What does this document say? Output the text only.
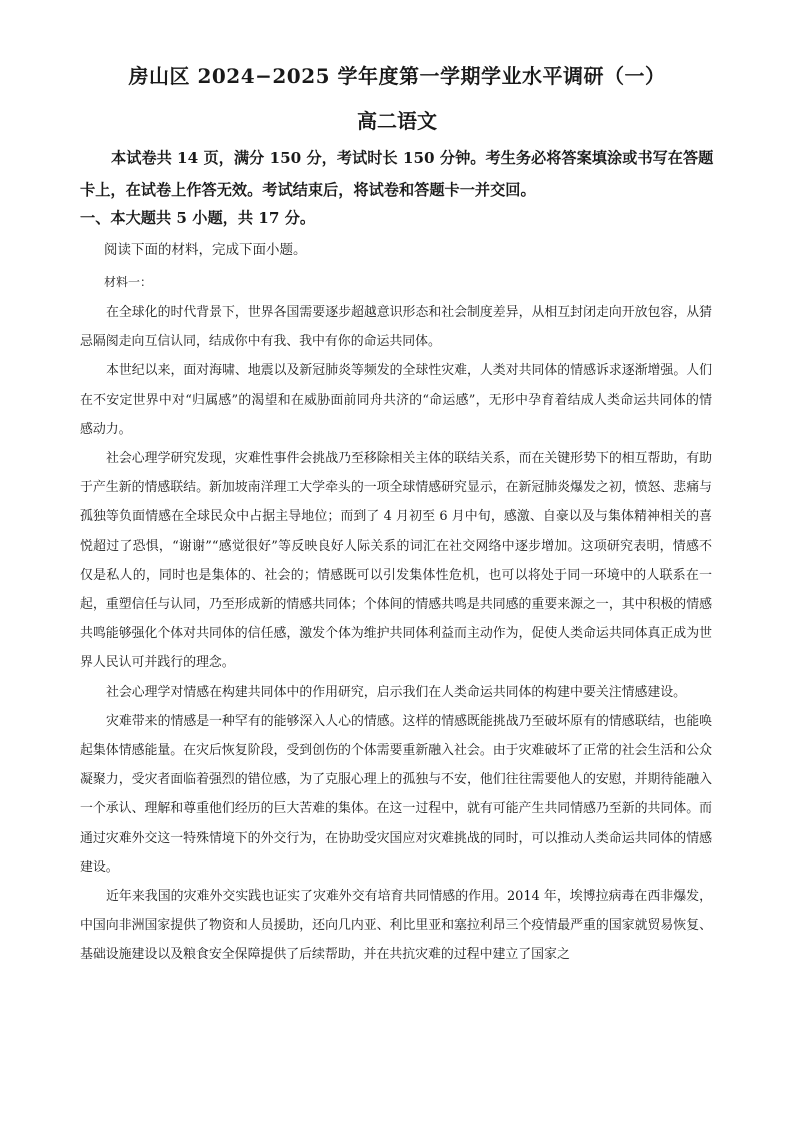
房山区 2024−2025 学年度第一学期学业水平调研（一）
高二语文
本试卷共 14 页，满分 150 分，考试时长 150 分钟。考生务必将答案填涂或书写在答题卡上，在试卷上作答无效。考试结束后，将试卷和答题卡一并交回。
一、本大题共 5 小题，共 17 分。
阅读下面的材料，完成下面小题。
材料一：

在全球化的时代背景下，世界各国需要逐步超越意识形态和社会制度差异，从相互封闭走向开放包容，从猜忌隔阂走向互信认同，结成你中有我、我中有你的命运共同体。

本世纪以来，面对海啸、地震以及新冠肺炎等频发的全球性灾难，人类对共同体的情感诉求逐渐增强。人们在不安定世界中对“归属感”的渴望和在威胁面前同舟共济的“命运感”，无形中孕育着结成人类命运共同体的情感动力。

社会心理学研究发现，灾难性事件会挑战乃至移除相关主体的联结关系，而在关键形势下的相互帮助，有助于产生新的情感联结。新加坡南洋理工大学牵头的一项全球情感研究显示，在新冠肺炎爆发之初，愤怒、悲痛与孤独等负面情感在全球民众中占据主导地位；而到了 4 月初至 6 月中旬，感激、自豪以及与集体精神相关的喜悦超过了恐惧，“谢谢”“感觉很好”等反映良好人际关系的词汇在社交网络中逐步增加。这项研究表明，情感不仅是私人的，同时也是集体的、社会的；情感既可以引发集体性危机，也可以将处于同一环境中的人联系在一起，重塑信任与认同，乃至形成新的情感共同体；个体间的情感共鸣是共同感的重要来源之一，其中积极的情感共鸣能够强化个体对共同体的信任感，激发个体为维护共同体利益而主动作为，促使人类命运共同体真正成为世界人民认可并践行的理念。

社会心理学对情感在构建共同体中的作用研究，启示我们在人类命运共同体的构建中要关注情感建设。

灾难带来的情感是一种罕有的能够深入人心的情感。这样的情感既能挑战乃至破坏原有的情感联结，也能唤起集体情感能量。在灾后恢复阶段，受到创伤的个体需要重新融入社会。由于灾难破坏了正常的社会生活和公众凝聚力，受灾者面临着强烈的错位感，为了克服心理上的孤独与不安，他们往往需要他人的安慰，并期待能融入一个承认、理解和尊重他们经历的巨大苦难的集体。在这一过程中，就有可能产生共同情感乃至新的共同体。而通过灾难外交这一特殊情境下的外交行为，在协助受灾国应对灾难挑战的同时，可以推动人类命运共同体的情感建设。

近年来我国的灾难外交实践也证实了灾难外交有培育共同情感的作用。2014 年，埃博拉病毒在西非爆发，中国向非洲国家提供了物资和人员援助，还向几内亚、利比里亚和塞拉利昂三个疫情最严重的国家就贸易恢复、基础设施建设以及粮食安全保障提供了后续帮助，并在共抗灾难的过程中建立了国家之
